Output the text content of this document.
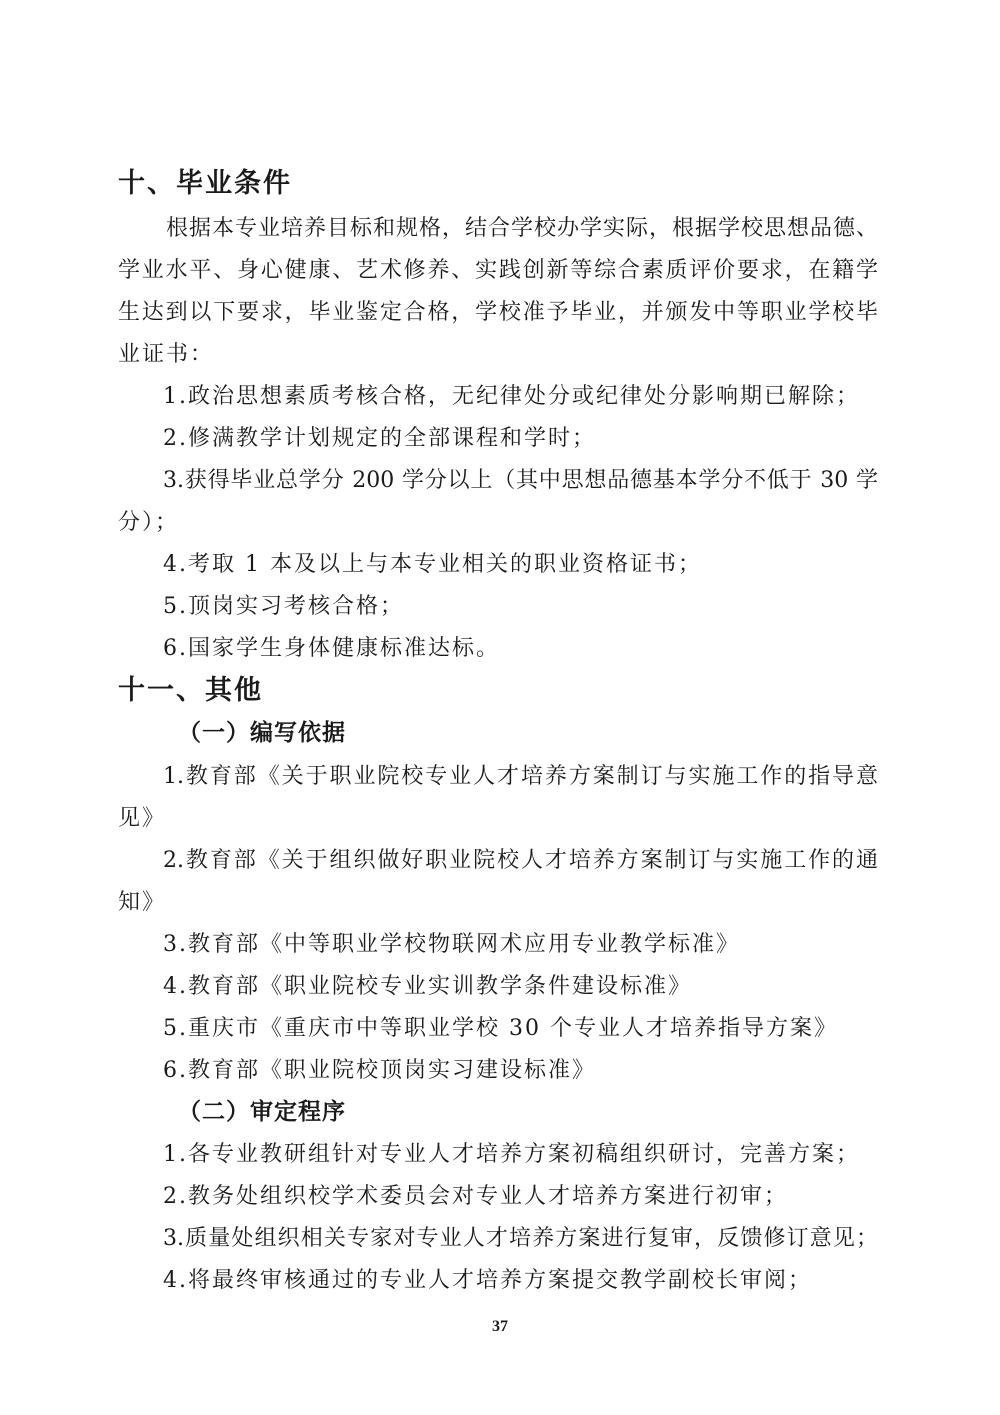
十、毕业条件
根据本专业培养目标和规格，结合学校办学实际，根据学校思想品德、
学业水平、身心健康、艺术修养、实践创新等综合素质评价要求，在籍学
生达到以下要求，毕业鉴定合格，学校准予毕业，并颁发中等职业学校毕
业证书：
1.政治思想素质考核合格，无纪律处分或纪律处分影响期已解除；
2.修满教学计划规定的全部课程和学时；
3.获得毕业总学分 200 学分以上（其中思想品德基本学分不低于 30 学
分）；
4.考取 1 本及以上与本专业相关的职业资格证书；
5.顶岗实习考核合格；
6.国家学生身体健康标准达标。
十一、其他
（一）编写依据
1.教育部《关于职业院校专业人才培养方案制订与实施工作的指导意
见》
2.教育部《关于组织做好职业院校人才培养方案制订与实施工作的通
知》
3.教育部《中等职业学校物联网术应用专业教学标准》
4.教育部《职业院校专业实训教学条件建设标准》
5.重庆市《重庆市中等职业学校 30 个专业人才培养指导方案》
6.教育部《职业院校顶岗实习建设标准》
（二）审定程序
1.各专业教研组针对专业人才培养方案初稿组织研讨，完善方案；
2.教务处组织校学术委员会对专业人才培养方案进行初审；
3.质量处组织相关专家对专业人才培养方案进行复审，反馈修订意见；
4.将最终审核通过的专业人才培养方案提交教学副校长审阅；
37
